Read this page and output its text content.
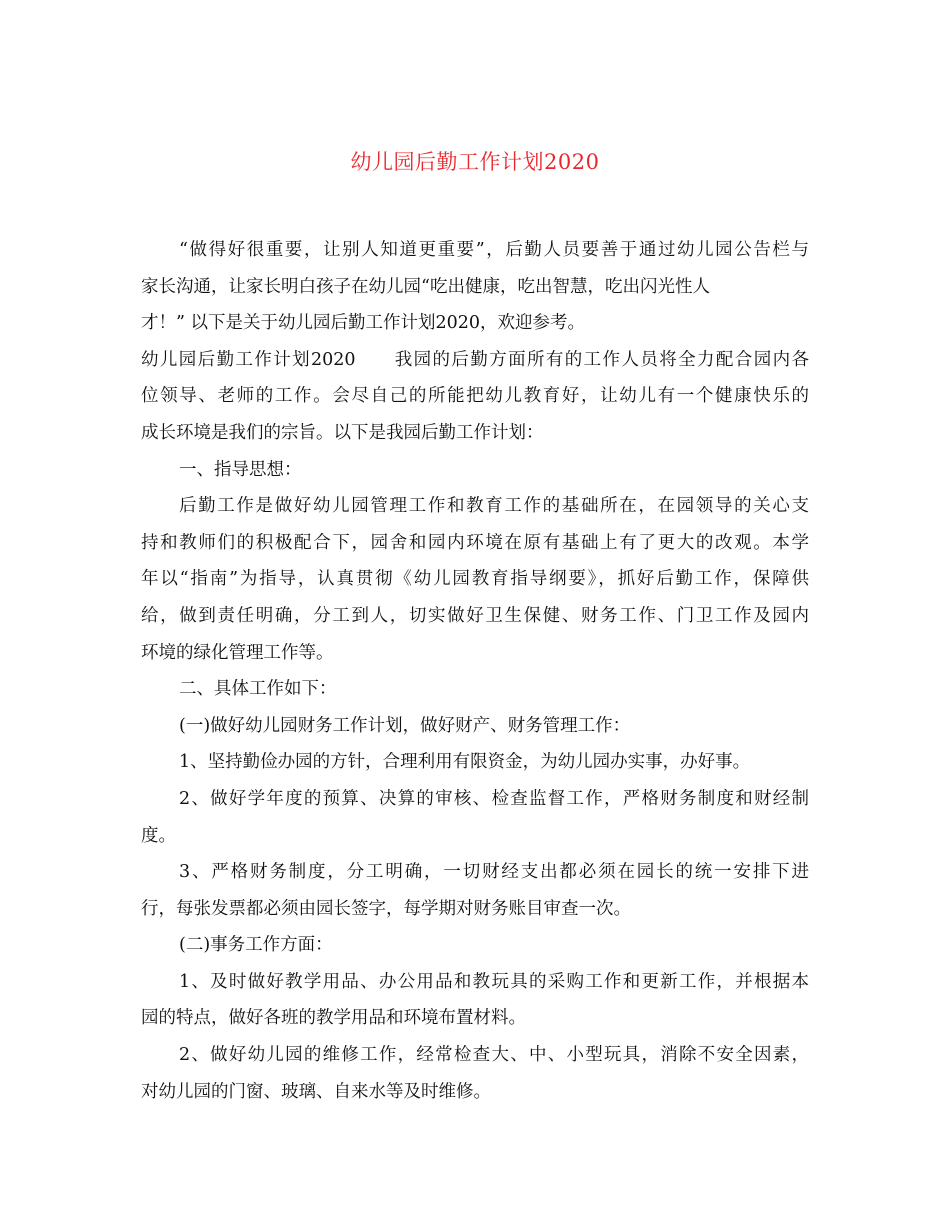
幼儿园后勤工作计划2020
“做得好很重要，让别人知道更重要”，后勤人员要善于通过幼儿园公告栏与
家长沟通，让家长明白孩子在幼儿园“吃出健康，吃出智慧，吃出闪光性人
才！” 以下是关于幼儿园后勤工作计划2020，欢迎参考。
幼儿园后勤工作计划2020　　我园的后勤方面所有的工作人员将全力配合园内各
位领导、老师的工作。会尽自己的所能把幼儿教育好，让幼儿有一个健康快乐的
成长环境是我们的宗旨。以下是我园后勤工作计划：
一、指导思想：
后勤工作是做好幼儿园管理工作和教育工作的基础所在，在园领导的关心支
持和教师们的积极配合下，园舍和园内环境在原有基础上有了更大的改观。本学
年以“指南”为指导，认真贯彻《幼儿园教育指导纲要》，抓好后勤工作，保障供
给，做到责任明确，分工到人，切实做好卫生保健、财务工作、门卫工作及园内
环境的绿化管理工作等。
二、具体工作如下：
(一)做好幼儿园财务工作计划，做好财产、财务管理工作：
1、坚持勤俭办园的方针，合理利用有限资金，为幼儿园办实事，办好事。
2、做好学年度的预算、决算的审核、检查监督工作，严格财务制度和财经制
度。
3、严格财务制度，分工明确，一切财经支出都必须在园长的统一安排下进
行，每张发票都必须由园长签字，每学期对财务账目审查一次。
(二)事务工作方面：
1、及时做好教学用品、办公用品和教玩具的采购工作和更新工作，并根据本
园的特点，做好各班的教学用品和环境布置材料。
2、做好幼儿园的维修工作，经常检查大、中、小型玩具，消除不安全因素，
对幼儿园的门窗、玻璃、自来水等及时维修。
